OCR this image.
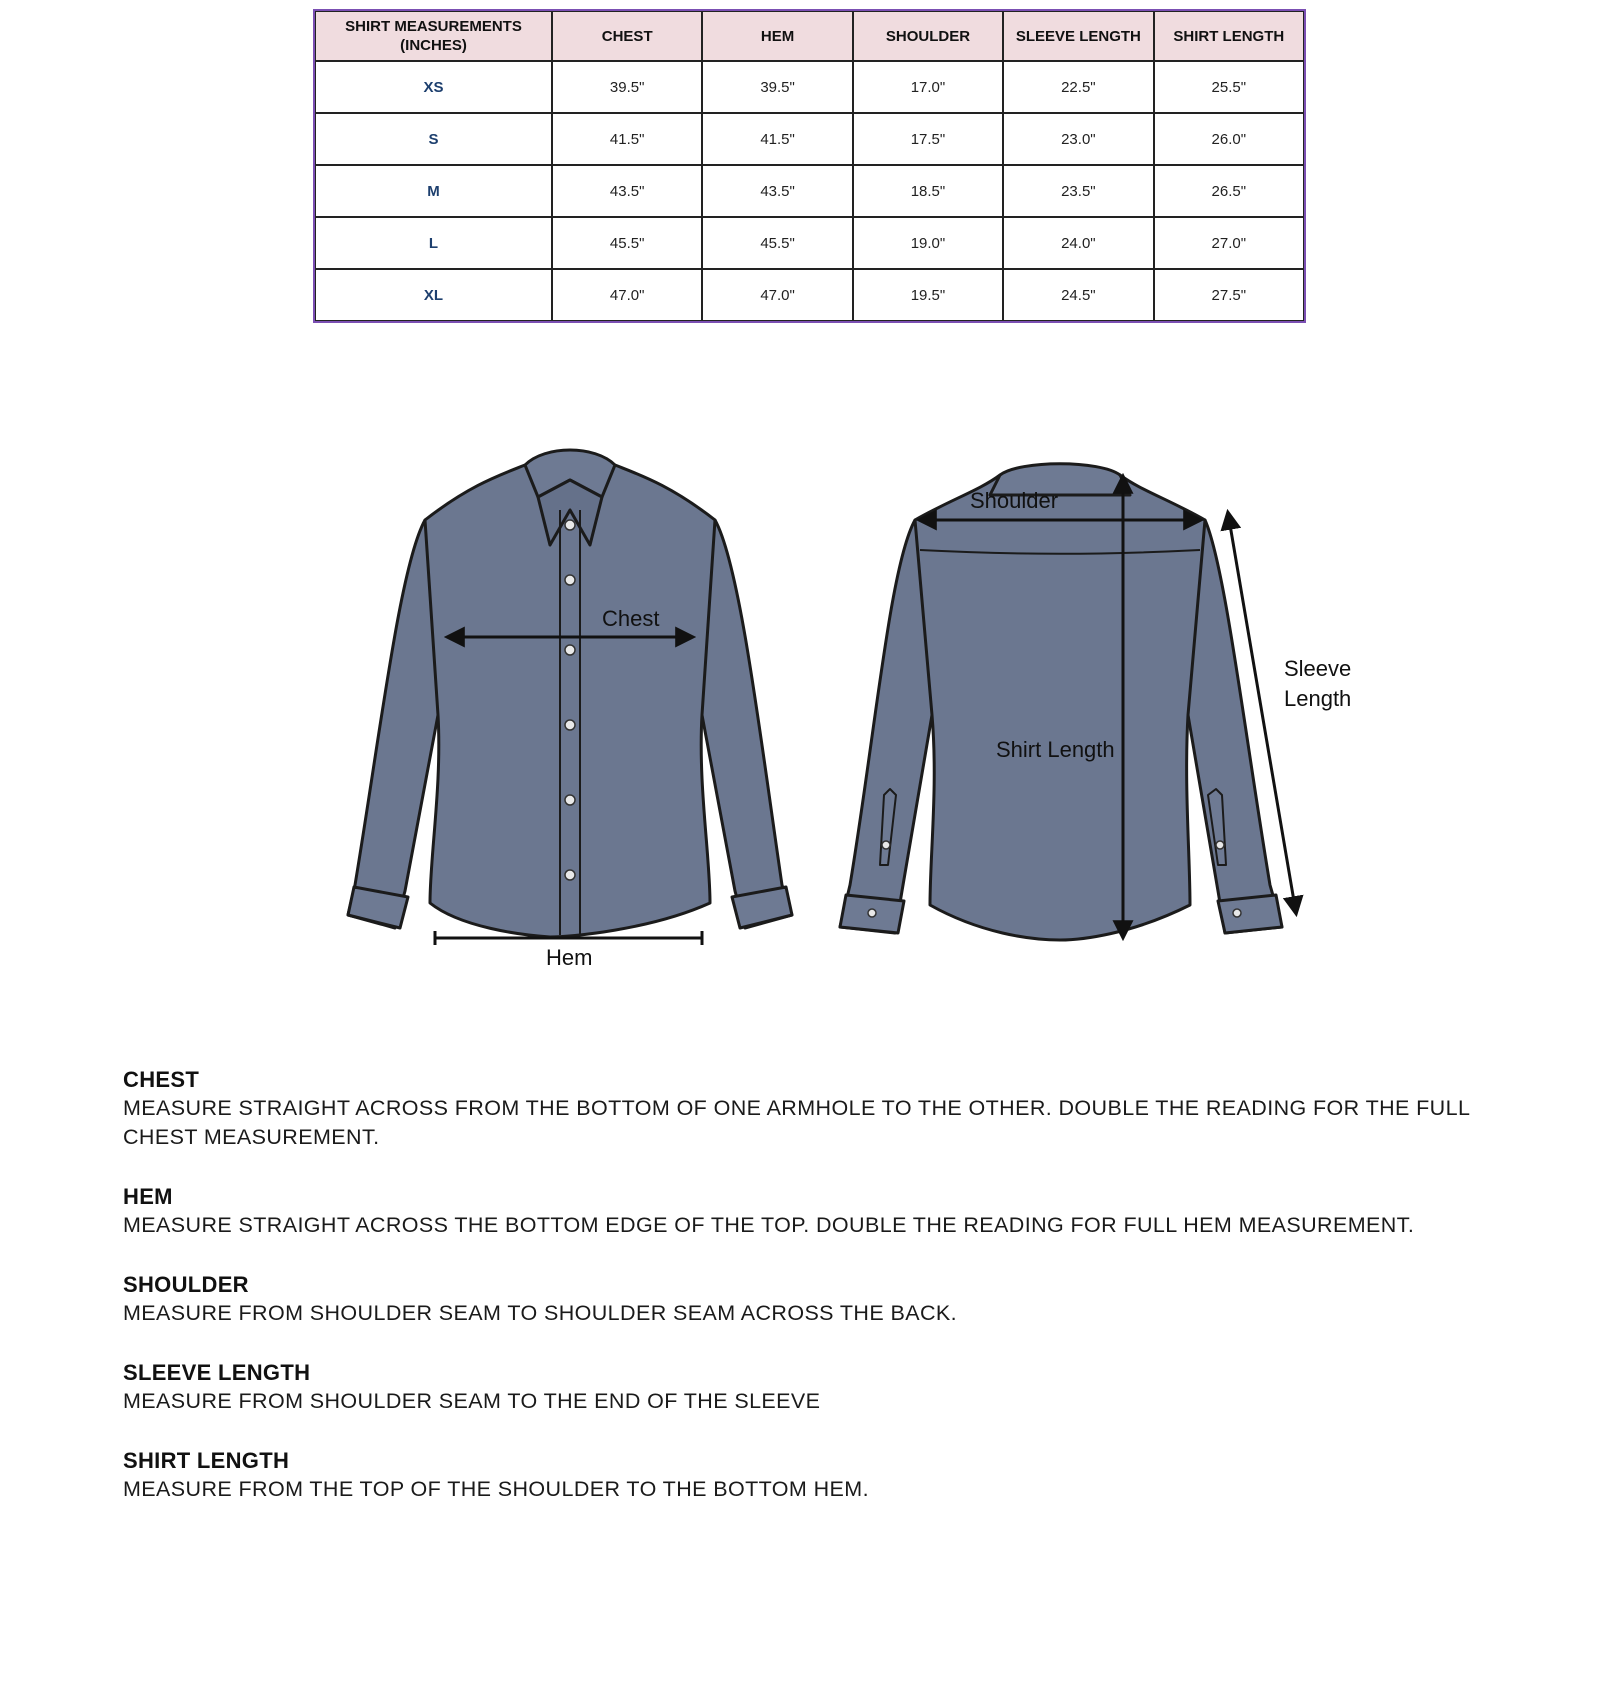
SHIRT MEASUREMENTS (INCHES)	CHEST	HEM	SHOULDER	SLEEVE LENGTH	SHIRT LENGTH
XS	39.5"	39.5"	17.0"	22.5"	25.5"
S	41.5"	41.5"	17.5"	23.0"	26.0"
M	43.5"	43.5"	18.5"	23.5"	26.5"
L	45.5"	45.5"	19.0"	24.0"	27.0"
XL	47.0"	47.0"	19.5"	24.5"	27.5"
Chest
Hem
Shoulder
Shirt Length
Sleeve
Length
CHEST
MEASURE STRAIGHT ACROSS FROM THE BOTTOM OF ONE ARMHOLE TO THE OTHER. DOUBLE THE READING FOR THE FULL CHEST MEASUREMENT.
HEM
MEASURE STRAIGHT ACROSS THE BOTTOM EDGE OF THE TOP. DOUBLE THE READING FOR FULL HEM MEASUREMENT.
SHOULDER
MEASURE FROM SHOULDER SEAM TO SHOULDER SEAM ACROSS THE BACK.
SLEEVE LENGTH
MEASURE FROM SHOULDER SEAM TO THE END OF THE SLEEVE
SHIRT LENGTH
MEASURE FROM THE TOP OF THE SHOULDER TO THE BOTTOM HEM.
